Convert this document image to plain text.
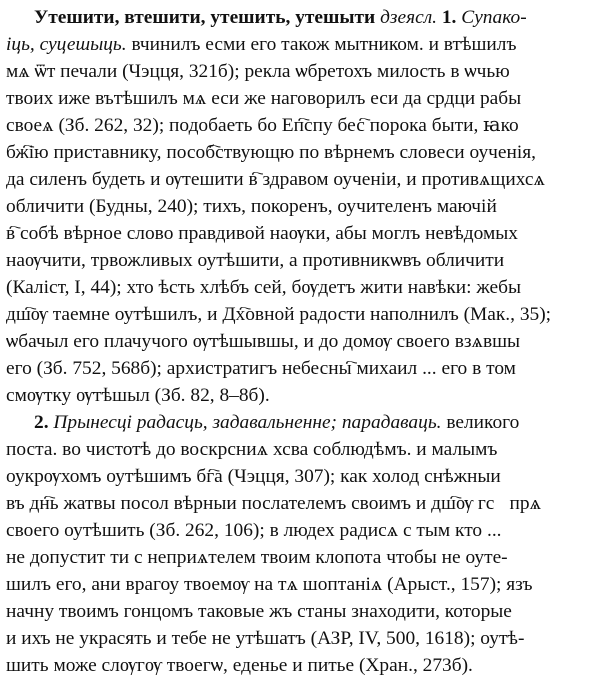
Утешити, втешити, утешить, утешыти дзеясл. 1. Супако-
іць, суцешыць. вчинилъ есми его також мытником. и втѣшилъ
мѧ ѿт печали (Чэцця, 321б); рекла ѡбретохъ милость в ѡчью
твоих иже вътѣшилъ мѧ еси же наговорилъ еси да срдци рабы
своеѧ (Зб. 262, 32); подобаеть бо Еп҇спу бес҇ порока быти, ꙗко
бж҇ію приставнику, пособ҇ствующю по вѣрнемъ словеси оученія,
да силенъ будеть и ѹтешити в҇ здравом оученіи, и противѧщихсѧ
обличити (Будны, 240); тихъ, покоренъ, оучителенъ маючій
в҇ собѣ вѣрное слово правдивой наѹки, абы моглъ невѣдомых
наѹчити, трвожливых оутѣшити, а противникѡвъ обличити
(Каліст, I, 44); хто ѣсть хлѣбъ сей, бѹдетъ жити навѣки: жебы
дш҇ѹ таемне оутѣшилъ, и Дх҇овной радости наполнилъ (Мак., 35);
ѡбачыл его плачучого ѹтѣшывшы, и до домѹ своего взѧвшы
его (Зб. 752, 568б); архистратигъ небесны҇ михаил ... его в том
смѹтку ѹтѣшыл (Зб. 82, 8–8б).
2. Прынесці радасць, задавальненне; парадаваць. великого
поста. во чистотѣ до воскрсниѧ хсва соблюдѣмъ. и малымъ
оукрѹхомъ оутѣшимъ бг҇а (Чэцця, 307); как холод снѣжныи
въ дн҇ь жатвы посол вѣрныи послателемъ своимъ и дш҇ѹ гсⷭпрѧ
своего оутѣшить (Зб. 262, 106); в людех радисѧ с тым кто ...
не допустит ти с неприѧтелем твоим клопота чтобы не оуте-
шилъ его, ани врагоу твоемѹ на тѧ шоптаніѧ (Арыст., 157); язъ
начну твоимъ гонцомъ таковые жъ станы знаходити, которые
и ихъ не украсять и тебе не утѣшатъ (АЗР, IV, 500, 1618); оутѣ-
шить може слѹгѹ твоегѡ, еденье и питье (Хран., 273б).
